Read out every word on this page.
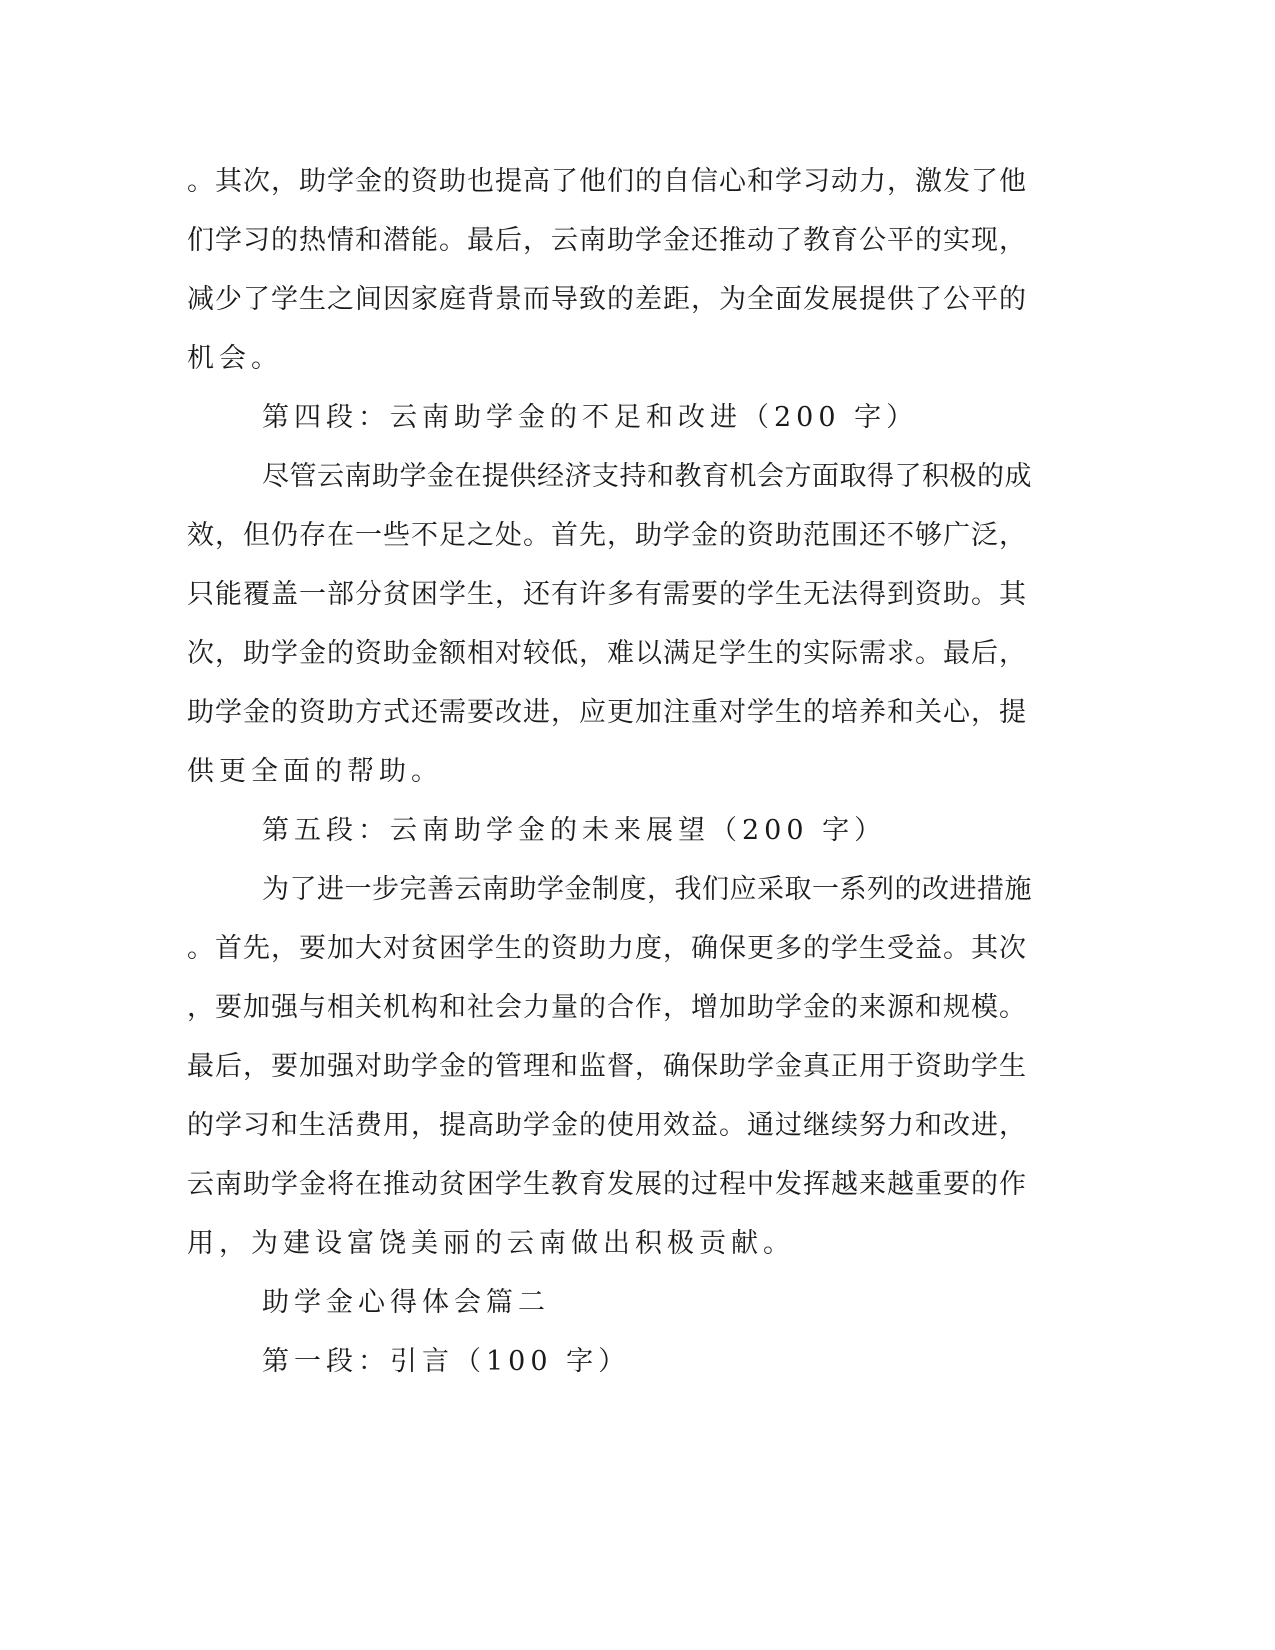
。其次，助学金的资助也提高了他们的自信心和学习动力，激发了他
们学习的热情和潜能。最后，云南助学金还推动了教育公平的实现，
减少了学生之间因家庭背景而导致的差距，为全面发展提供了公平的
机会。
第四段：云南助学金的不足和改进（200 字）
尽管云南助学金在提供经济支持和教育机会方面取得了积极的成
效，但仍存在一些不足之处。首先，助学金的资助范围还不够广泛，
只能覆盖一部分贫困学生，还有许多有需要的学生无法得到资助。其
次，助学金的资助金额相对较低，难以满足学生的实际需求。最后，
助学金的资助方式还需要改进，应更加注重对学生的培养和关心，提
供更全面的帮助。
第五段：云南助学金的未来展望（200 字）
为了进一步完善云南助学金制度，我们应采取一系列的改进措施
。首先，要加大对贫困学生的资助力度，确保更多的学生受益。其次
，要加强与相关机构和社会力量的合作，增加助学金的来源和规模。
最后，要加强对助学金的管理和监督，确保助学金真正用于资助学生
的学习和生活费用，提高助学金的使用效益。通过继续努力和改进，
云南助学金将在推动贫困学生教育发展的过程中发挥越来越重要的作
用，为建设富饶美丽的云南做出积极贡献。
助学金心得体会篇二
第一段：引言（100 字）
